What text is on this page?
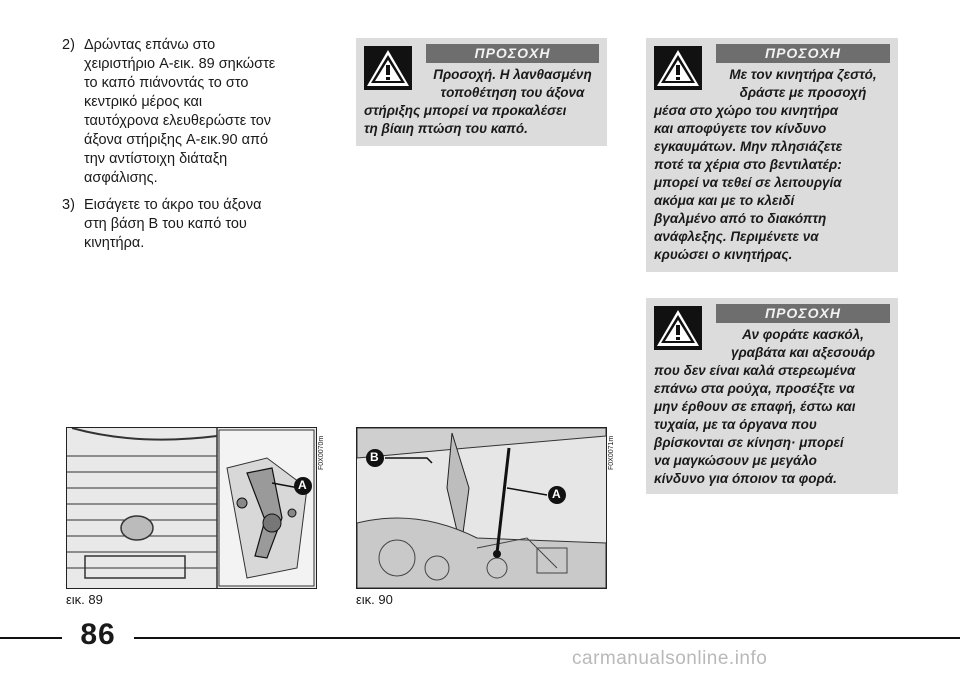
2) Δρώντας επάνω στο
χειριστήριο A-εικ. 89 σηκώστε
το καπό πιάνοντάς το στο
κεντρικό μέρος και
ταυτόχρονα ελευθερώστε τον
άξονα στήριξης A-εικ.90 από
την αντίστοιχη διάταξη
ασφάλισης.
3) Εισάγετε το άκρο του άξονα
στη βάση B του καπό του
κινητήρα.
ΠΡΟΣΟΧΗ
Προσοχή. Η λανθασμένη
τοποθέτηση του άξονα
στήριξης μπορεί να προκαλέσει
τη βίαιη πτώση του καπό.
ΠΡΟΣΟΧΗ
Με τον κινητήρα ζεστό,
δράστε με προσοχή
μέσα στο χώρο του κινητήρα
και αποφύγετε τον κίνδυνο
εγκαυμάτων. Μην πλησιάζετε
ποτέ τα χέρια στο βεντιλατέρ:
μπορεί να τεθεί σε λειτουργία
ακόμα και με το κλειδί
βγαλμένο από το διακόπτη
ανάφλεξης. Περιμένετε να
κρυώσει ο κινητήρας.
ΠΡΟΣΟΧΗ
Αν φοράτε κασκόλ,
γραβάτα και αξεσουάρ
που δεν είναι καλά στερεωμένα
επάνω στα ρούχα, προσέξτε να
μην έρθουν σε επαφή, έστω και
τυχαία, με τα όργανα που
βρίσκονται σε κίνηση· μπορεί
να μαγκώσουν με μεγάλο
κίνδυνο για όποιον τα φορά.
A
F0X0070m
εικ. 89
B
A
F0X0071m
εικ. 90
86
carmanualsonline.info
